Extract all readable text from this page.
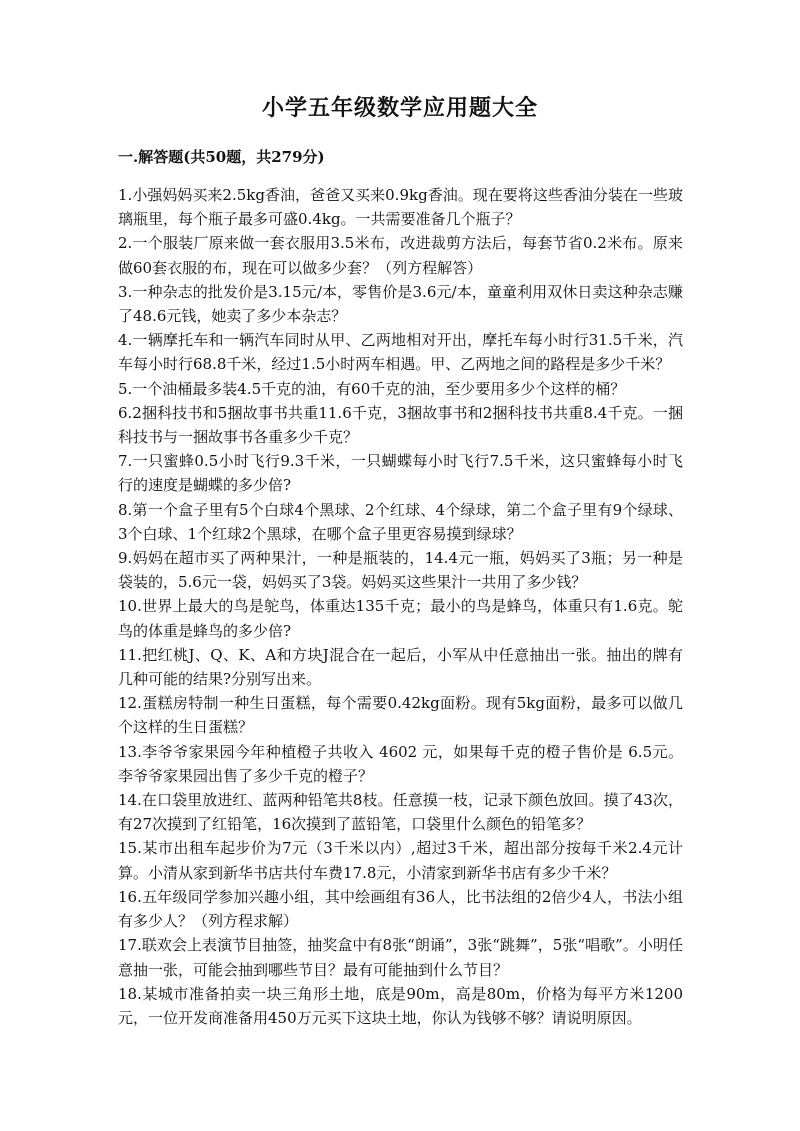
小学五年级数学应用题大全
一.解答题(共50题，共279分)
1.小强妈妈买来2.5kg香油，爸爸又买来0.9kg香油。现在要将这些香油分装在一些玻璃瓶里，每个瓶子最多可盛0.4kg。一共需要准备几个瓶子？
2.一个服装厂原来做一套衣服用3.5米布，改进裁剪方法后，每套节省0.2米布。原来做60套衣服的布，现在可以做多少套？（列方程解答）
3.一种杂志的批发价是3.15元/本，零售价是3.6元/本，童童利用双休日卖这种杂志赚了48.6元钱，她卖了多少本杂志？
4.一辆摩托车和一辆汽车同时从甲、乙两地相对开出，摩托车每小时行31.5千米，汽车每小时行68.8千米，经过1.5小时两车相遇。甲、乙两地之间的路程是多少千米？
5.一个油桶最多装4.5千克的油，有60千克的油，至少要用多少个这样的桶？
6.2捆科技书和5捆故事书共重11.6千克，3捆故事书和2捆科技书共重8.4千克。一捆科技书与一捆故事书各重多少千克？
7.一只蜜蜂0.5小时飞行9.3千米，一只蝴蝶每小时飞行7.5千米，这只蜜蜂每小时飞行的速度是蝴蝶的多少倍?
8.第一个盒子里有5个白球4个黑球、2个红球、4个绿球，第二个盒子里有9个绿球、3个白球、1个红球2个黑球，在哪个盒子里更容易摸到绿球？
9.妈妈在超市买了两种果汁，一种是瓶装的，14.4元一瓶，妈妈买了3瓶；另一种是袋装的，5.6元一袋，妈妈买了3袋。妈妈买这些果汁一共用了多少钱？
10.世界上最大的鸟是鸵鸟，体重达135千克；最小的鸟是蜂鸟，体重只有1.6克。鸵鸟的体重是蜂鸟的多少倍?
11.把红桃J、Q、K、A和方块J混合在一起后，小军从中任意抽出一张。抽出的牌有几种可能的结果?分别写出来。
12.蛋糕房特制一种生日蛋糕，每个需要0.42kg面粉。现有5kg面粉，最多可以做几个这样的生日蛋糕？
13.李爷爷家果园今年种植橙子共收入 4602 元，如果每千克的橙子售价是 6.5元。李爷爷家果园出售了多少千克的橙子？
14.在口袋里放进红、蓝两种铅笔共8枝。任意摸一枝，记录下颜色放回。摸了43次，有27次摸到了红铅笔，16次摸到了蓝铅笔，口袋里什么颜色的铅笔多？
15.某市出租车起步价为7元（3千米以内）,超过3千米，超出部分按每千米2.4元计算。小清从家到新华书店共付车费17.8元，小清家到新华书店有多少千米？
16.五年级同学参加兴趣小组，其中绘画组有36人，比书法组的2倍少4人，书法小组有多少人？（列方程求解）
17.联欢会上表演节目抽签，抽奖盒中有8张“朗诵”，3张“跳舞”，5张“唱歌”。小明任意抽一张，可能会抽到哪些节目？最有可能抽到什么节目？
18.某城市准备拍卖一块三角形土地，底是90m，高是80m，价格为每平方米1200元，一位开发商准备用450万元买下这块土地，你认为钱够不够？请说明原因。
